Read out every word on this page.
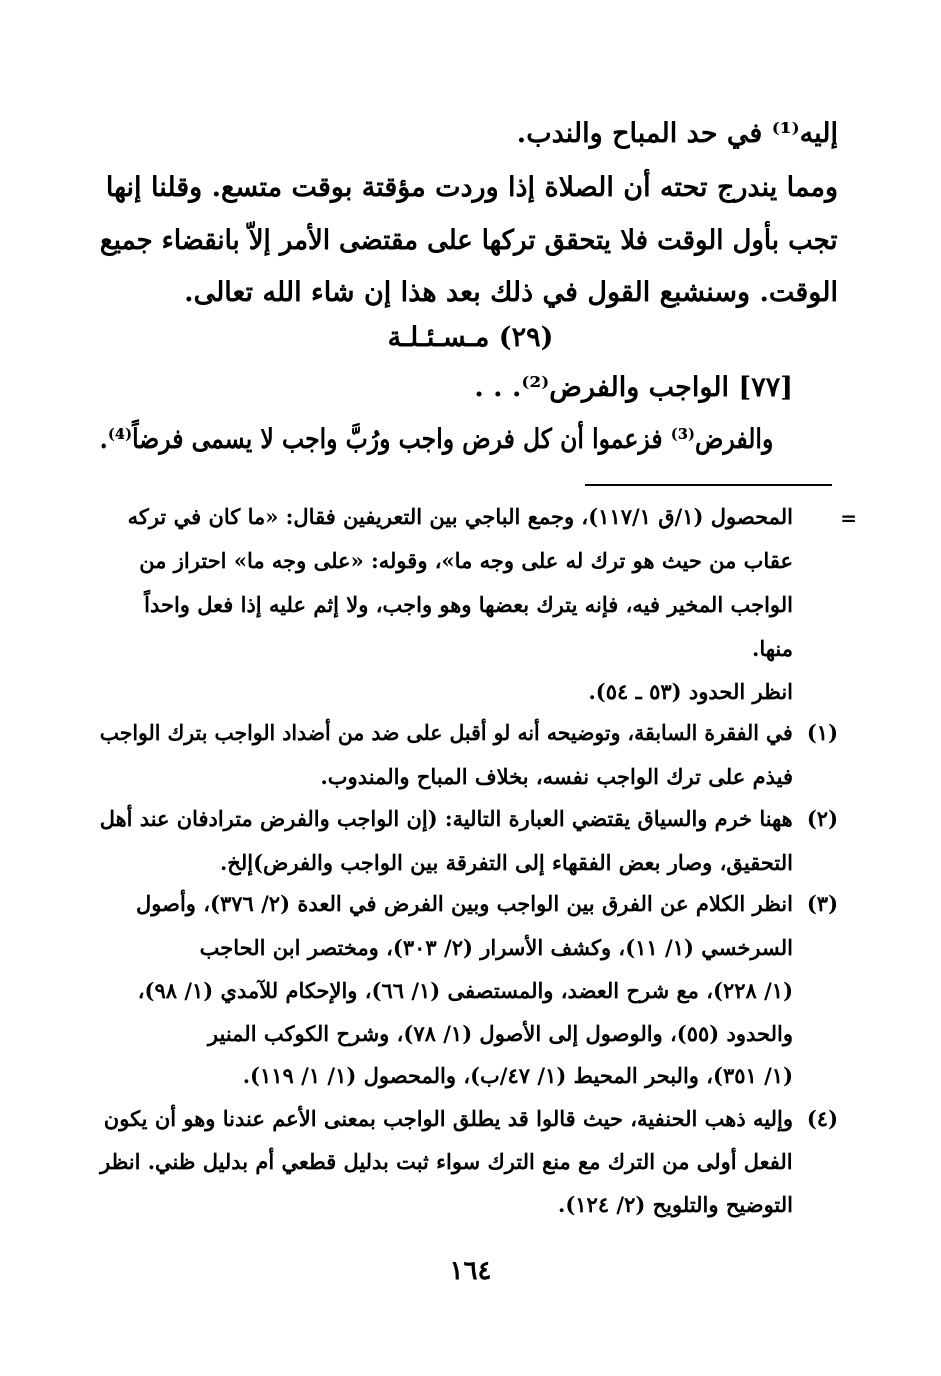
إليه⁽¹⁾ في حد المباح والندب.
ومما يندرج تحته أن الصلاة إذا وردت مؤقتة بوقت متسع. وقلنا إنها
تجب بأول الوقت فلا يتحقق تركها على مقتضى الأمر إلاّ بانقضاء جميع
الوقت. وسنشبع القول في ذلك بعد هذا إن شاء الله تعالى.
(٢٩) مـسـئـلـة
[٧٧] الواجب والفرض⁽²⁾. . .
والفرض⁽³⁾ فزعموا أن كل فرض واجب ورُبَّ واجب لا يسمى فرضاً⁽⁴⁾.
=
المحصول (١/ق ١١٧/١)، وجمع الباجي بين التعريفين فقال: «ما كان في تركه
عقاب من حيث هو ترك له على وجه ما»، وقوله: «على وجه ما» احتراز من
الواجب المخير فيه، فإنه يترك بعضها وهو واجب، ولا إثم عليه إذا فعل واحداً
منها.
انظر الحدود (٥٣ ـ ٥٤).
(١)
في الفقرة السابقة، وتوضيحه أنه لو أقبل على ضد من أضداد الواجب بترك الواجب
فيذم على ترك الواجب نفسه، بخلاف المباح والمندوب.
(٢)
ههنا خرم والسياق يقتضي العبارة التالية: (إن الواجب والفرض مترادفان عند أهل
التحقيق، وصار بعض الفقهاء إلى التفرقة بين الواجب والفرض)إلخ.
(٣)
انظر الكلام عن الفرق بين الواجب وبين الفرض في العدة (٢/ ٣٧٦)، وأصول
السرخسي (١/ ١١)، وكشف الأسرار (٢/ ٣٠٣)، ومختصر ابن الحاجب
(١/ ٢٢٨)، مع شرح العضد، والمستصفى (١/ ٦٦)، والإحكام للآمدي (١/ ٩٨)،
والحدود (٥٥)، والوصول إلى الأصول (١/ ٧٨)، وشرح الكوكب المنير
(١/ ٣٥١)، والبحر المحيط (١/ ٤٧/ب)، والمحصول (١/ ١/ ١١٩).
(٤)
وإليه ذهب الحنفية، حيث قالوا قد يطلق الواجب بمعنى الأعم عندنا وهو أن يكون
الفعل أولى من الترك مع منع الترك سواء ثبت بدليل قطعي أم بدليل ظني. انظر
التوضيح والتلويح (٢/ ١٢٤).
١٦٤
